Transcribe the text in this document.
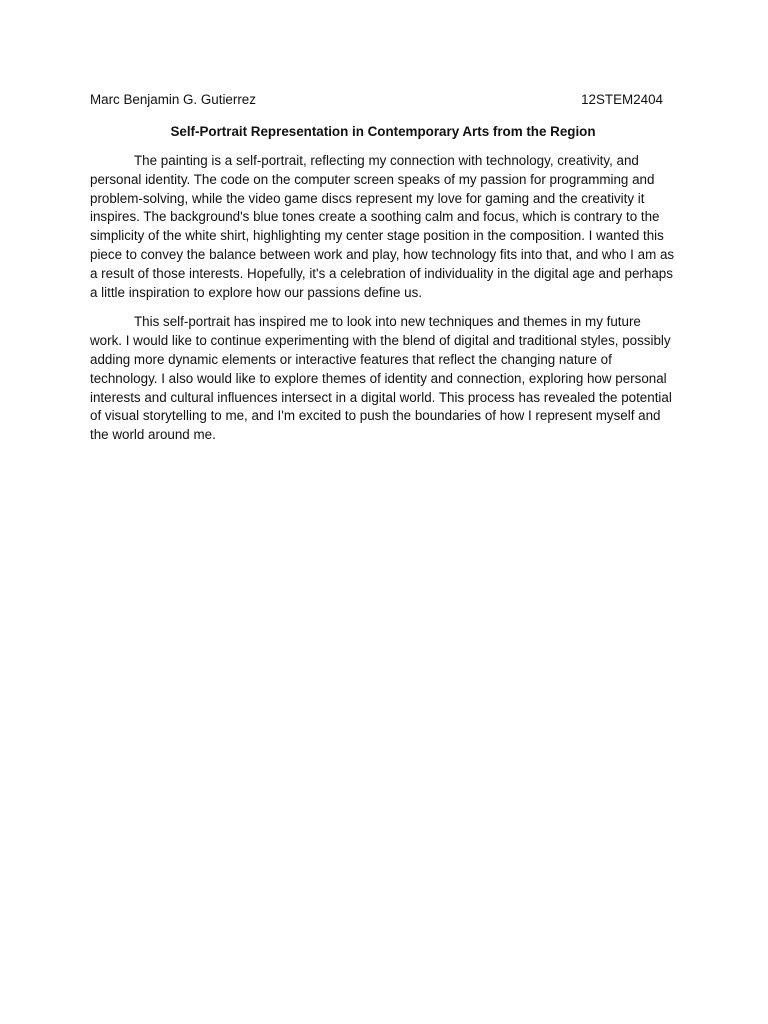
Marc Benjamin G. Gutierrez	12STEM2404
Self-Portrait Representation in Contemporary Arts from the Region

The painting is a self-portrait, reflecting my connection with technology, creativity, and personal identity. The code on the computer screen speaks of my passion for programming and problem-solving, while the video game discs represent my love for gaming and the creativity it inspires. The background's blue tones create a soothing calm and focus, which is contrary to the simplicity of the white shirt, highlighting my center stage position in the composition. I wanted this piece to convey the balance between work and play, how technology fits into that, and who I am as a result of those interests. Hopefully, it's a celebration of individuality in the digital age and perhaps a little inspiration to explore how our passions define us.

This self-portrait has inspired me to look into new techniques and themes in my future work. I would like to continue experimenting with the blend of digital and traditional styles, possibly adding more dynamic elements or interactive features that reflect the changing nature of technology. I also would like to explore themes of identity and connection, exploring how personal interests and cultural influences intersect in a digital world. This process has revealed the potential of visual storytelling to me, and I'm excited to push the boundaries of how I represent myself and the world around me.
